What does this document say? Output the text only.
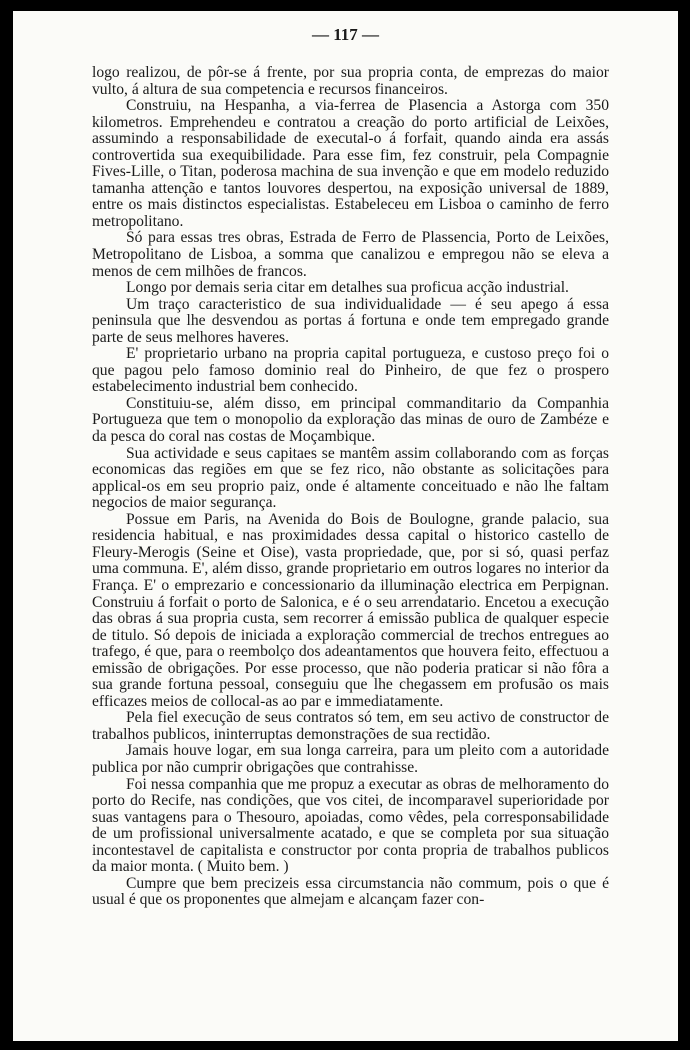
— 117 —

logo realizou, de pôr-se á frente, por sua propria conta, de emprezas do maior vulto, á altura de sua competencia e recursos financeiros.

Construiu, na Hespanha, a via-ferrea de Plasencia a Astorga com 350 kilometros. Emprehendeu e contratou a creação do porto artificial de Leixões, assumindo a responsabilidade de executal-o á forfait, quando ainda era assás controvertida sua exequibilidade. Para esse fim, fez construir, pela Compagnie Fives-Lille, o Titan, poderosa machina de sua invenção e que em modelo reduzido tamanha attenção e tantos louvores despertou, na exposição universal de 1889, entre os mais distinctos especialistas. Estabeleceu em Lisboa o caminho de ferro metropolitano.

Só para essas tres obras, Estrada de Ferro de Plassencia, Porto de Leixões, Metropolitano de Lisboa, a somma que canalizou e empregou não se eleva a menos de cem milhões de francos.

Longo por demais seria citar em detalhes sua proficua acção industrial.

Um traço caracteristico de sua individualidade — é seu apego á essa peninsula que lhe desvendou as portas á fortuna e onde tem empregado grande parte de seus melhores haveres.

E' proprietario urbano na propria capital portugueza, e custoso preço foi o que pagou pelo famoso dominio real do Pinheiro, de que fez o prospero estabelecimento industrial bem conhecido.

Constituiu-se, além disso, em principal commanditario da Companhia Portugueza que tem o monopolio da exploração das minas de ouro de Zambéze e da pesca do coral nas costas de Moçambique.

Sua actividade e seus capitaes se mantêm assim collaborando com as forças economicas das regiões em que se fez rico, não obstante as solicitações para applical-os em seu proprio paiz, onde é altamente conceituado e não lhe faltam negocios de maior segurança.

Possue em Paris, na Avenida do Bois de Boulogne, grande palacio, sua residencia habitual, e nas proximidades dessa capital o historico castello de Fleury-Merogis (Seine et Oise), vasta propriedade, que, por si só, quasi perfaz uma communa. E', além disso, grande proprietario em outros logares no interior da França. E' o emprezario e concessionario da illuminação electrica em Perpignan. Construiu á forfait o porto de Salonica, e é o seu arrendatario. Encetou a execução das obras á sua propria custa, sem recorrer á emissão publica de qualquer especie de titulo. Só depois de iniciada a exploração commercial de trechos entregues ao trafego, é que, para o reembolço dos adeantamentos que houvera feito, effectuou a emissão de obrigações. Por esse processo, que não poderia praticar si não fôra a sua grande fortuna pessoal, conseguiu que lhe chegassem em profusão os mais efficazes meios de collocal-as ao par e immediatamente.

Pela fiel execução de seus contratos só tem, em seu activo de constructor de trabalhos publicos, ininterruptas demonstrações de sua rectidão.

Jamais houve logar, em sua longa carreira, para um pleito com a autoridade publica por não cumprir obrigações que contrahisse.

Foi nessa companhia que me propuz a executar as obras de melhoramento do porto do Recife, nas condições, que vos citei, de incomparavel superioridade por suas vantagens para o Thesouro, apoiadas, como vêdes, pela corresponsabilidade de um profissional universalmente acatado, e que se completa por sua situação incontestavel de capitalista e constructor por conta propria de trabalhos publicos da maior monta. ( Muito bem. )

Cumpre que bem precizeis essa circumstancia não commum, pois o que é usual é que os proponentes que almejam e alcançam fazer con-
